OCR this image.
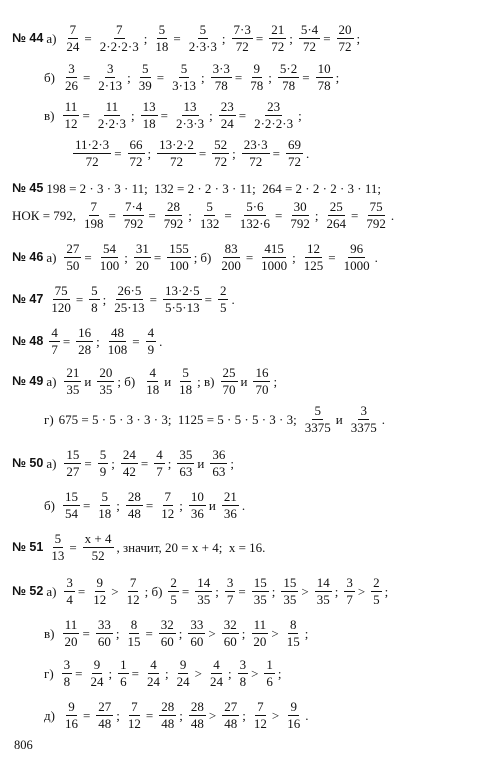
№ 44 $а) \frac{7}{24} = \frac{7}{2\cdot 2\cdot 2\cdot 3}$ ; $\frac{5}{18} = \frac{5}{2\cdot 3\cdot 3}$ ; $\frac{7\cdot 3}{72} = \frac{21}{72}$ ; $\frac{5\cdot 4}{72} = \frac{20}{72}$ ;
$б) \frac{3}{26} = \frac{3}{2\cdot 13}$ ; $\frac{5}{39} = \frac{5}{3\cdot 13}$ ; $\frac{3\cdot 3}{78} = \frac{9}{78}$ ; $\frac{5\cdot 2}{78} = \frac{10}{78}$ ;
$в) \frac{11}{12} = \frac{11}{2\cdot 2\cdot 3}$ ; $\frac{13}{18} = \frac{13}{2\cdot 3\cdot 3}$ ; $\frac{23}{24} = \frac{23}{2\cdot 2\cdot 2\cdot 3}$ ;
$\frac{11\cdot 2\cdot 3}{72} = \frac{66}{72}$ ; $\frac{13\cdot 2\cdot 2}{72} = \frac{52}{72}$ ; $\frac{23\cdot 3}{72} = \frac{69}{72}$ .
№ 45 198 = 2 · 3 · 3 · 11;  132 = 2 · 2 · 3 · 11;  264 = 2 · 2 · 2 · 3 · 11;
НОК = 792, $\frac{7}{198} = \frac{7\cdot 4}{792} = \frac{28}{792}$ ; $\frac{5}{132} = \frac{5\cdot 6}{132\cdot 6} = \frac{30}{792}$ ; $\frac{25}{264} = \frac{75}{792}$ .
№ 46 $а) \frac{27}{50} = \frac{54}{100}$ ; $\frac{31}{20} = \frac{155}{100}$ ; $б) \frac{83}{200} = \frac{415}{1000}$ ; $\frac{12}{125} = \frac{96}{1000}$ .
№ $47 \frac{75}{120} = \frac{5}{8}$ ; $\frac{26\cdot 5}{25\cdot 13} = \frac{13\cdot 2\cdot 5}{5\cdot 5\cdot 13} = \frac{2}{5}$ .
№ $48 \frac{4}{7} = \frac{16}{28}$ ; $\frac{48}{108} = \frac{4}{9}$ .
№ 49 $а) \frac{21}{35}$ и $\frac{20}{35}$ ; $б) \frac{4}{18}$ и $\frac{5}{18}$ ; $в) \frac{25}{70}$ и $\frac{16}{70}$ ;
г) 675 = 5 · 5 · 3 · 3 · 3;  1125 = 5 · 5 · 5 · 3 · 3; $\frac{5}{3375}$ и $\frac{3}{3375}$ .
№ 50 $а) \frac{15}{27} = \frac{5}{9}$ ; $\frac{24}{42} = \frac{4}{7}$ ; $\frac{35}{63}$ и $\frac{36}{63}$ ;
$б) \frac{15}{54} = \frac{5}{18}$ ; $\frac{28}{48} = \frac{7}{12}$ ; $\frac{10}{36}$ и $\frac{21}{36}$ .
№ $51 \frac{5}{13} = \frac{x + 4}{52}$ , значит, 20 = x + 4;  x = 16.
№ 52 $а) \frac{3}{4} = \frac{9}{12} > \frac{7}{12}$ ; $б) \frac{2}{5} = \frac{14}{35}$ ; $\frac{3}{7} = \frac{15}{35}$ ; $\frac{15}{35} > \frac{14}{35}$ ; $\frac{3}{7} > \frac{2}{5}$ ;
$в) \frac{11}{20} = \frac{33}{60}$ ; $\frac{8}{15} = \frac{32}{60}$ ; $\frac{33}{60} > \frac{32}{60}$ ; $\frac{11}{20} > \frac{8}{15}$ ;
$г) \frac{3}{8} = \frac{9}{24}$ ; $\frac{1}{6} = \frac{4}{24}$ ; $\frac{9}{24} > \frac{4}{24}$ ; $\frac{3}{8} > \frac{1}{6}$ ;
$д) \frac{9}{16} = \frac{27}{48}$ ; $\frac{7}{12} = \frac{28}{48}$ ; $\frac{28}{48} > \frac{27}{48}$ ; $\frac{7}{12} > \frac{9}{16}$ .
806
